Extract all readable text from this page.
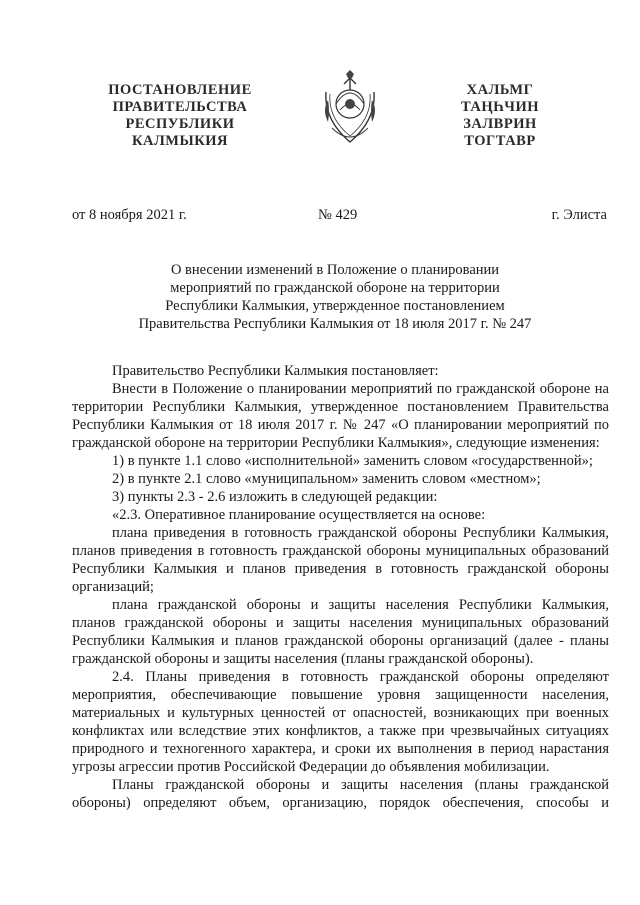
ПОСТАНОВЛЕНИЕ
ПРАВИТЕЛЬСТВА
РЕСПУБЛИКИ
КАЛМЫКИЯ
ХАЛЬМГ
ТАҢҺЧИН
ЗАЛВРИН
ТОГТАВР
от 8 ноября 2021 г.	№ 429	г. Элиста
О внесении изменений в Положение о планировании
мероприятий по гражданской обороне на территории
Республики Калмыкия, утвержденное постановлением
Правительства Республики Калмыкия от 18 июля 2017 г. № 247

Правительство Республики Калмыкия постановляет:

Внести в Положение о планировании мероприятий по гражданской обороне на территории Республики Калмыкия, утвержденное постановлением Правительства Республики Калмыкия от 18 июля 2017 г. № 247 «О планировании мероприятий по гражданской обороне на территории Республики Калмыкия», следующие изменения:

1) в пункте 1.1 слово «исполнительной» заменить словом «государственной»;

2) в пункте 2.1 слово «муниципальном» заменить словом «местном»;

3) пункты 2.3 - 2.6 изложить в следующей редакции:

«2.3. Оперативное планирование осуществляется на основе:

плана приведения в готовность гражданской обороны Республики Калмыкия, планов приведения в готовность гражданской обороны муниципальных образований Республики Калмыкия и планов приведения в готовность гражданской обороны организаций;

плана гражданской обороны и защиты населения Республики Калмыкия, планов гражданской обороны и защиты населения муниципальных образований Республики Калмыкия и планов гражданской обороны организаций (далее - планы гражданской обороны и защиты населения (планы гражданской обороны).

2.4. Планы приведения в готовность гражданской обороны определяют мероприятия, обеспечивающие повышение уровня защищенности населения, материальных и культурных ценностей от опасностей, возникающих при военных конфликтах или вследствие этих конфликтов, а также при чрезвычайных ситуациях природного и техногенного характера, и сроки их выполнения в период нарастания угрозы агрессии против Российской Федерации до объявления мобилизации.

Планы гражданской обороны и защиты населения (планы гражданской обороны) определяют объем, организацию, порядок обеспечения, способы и
